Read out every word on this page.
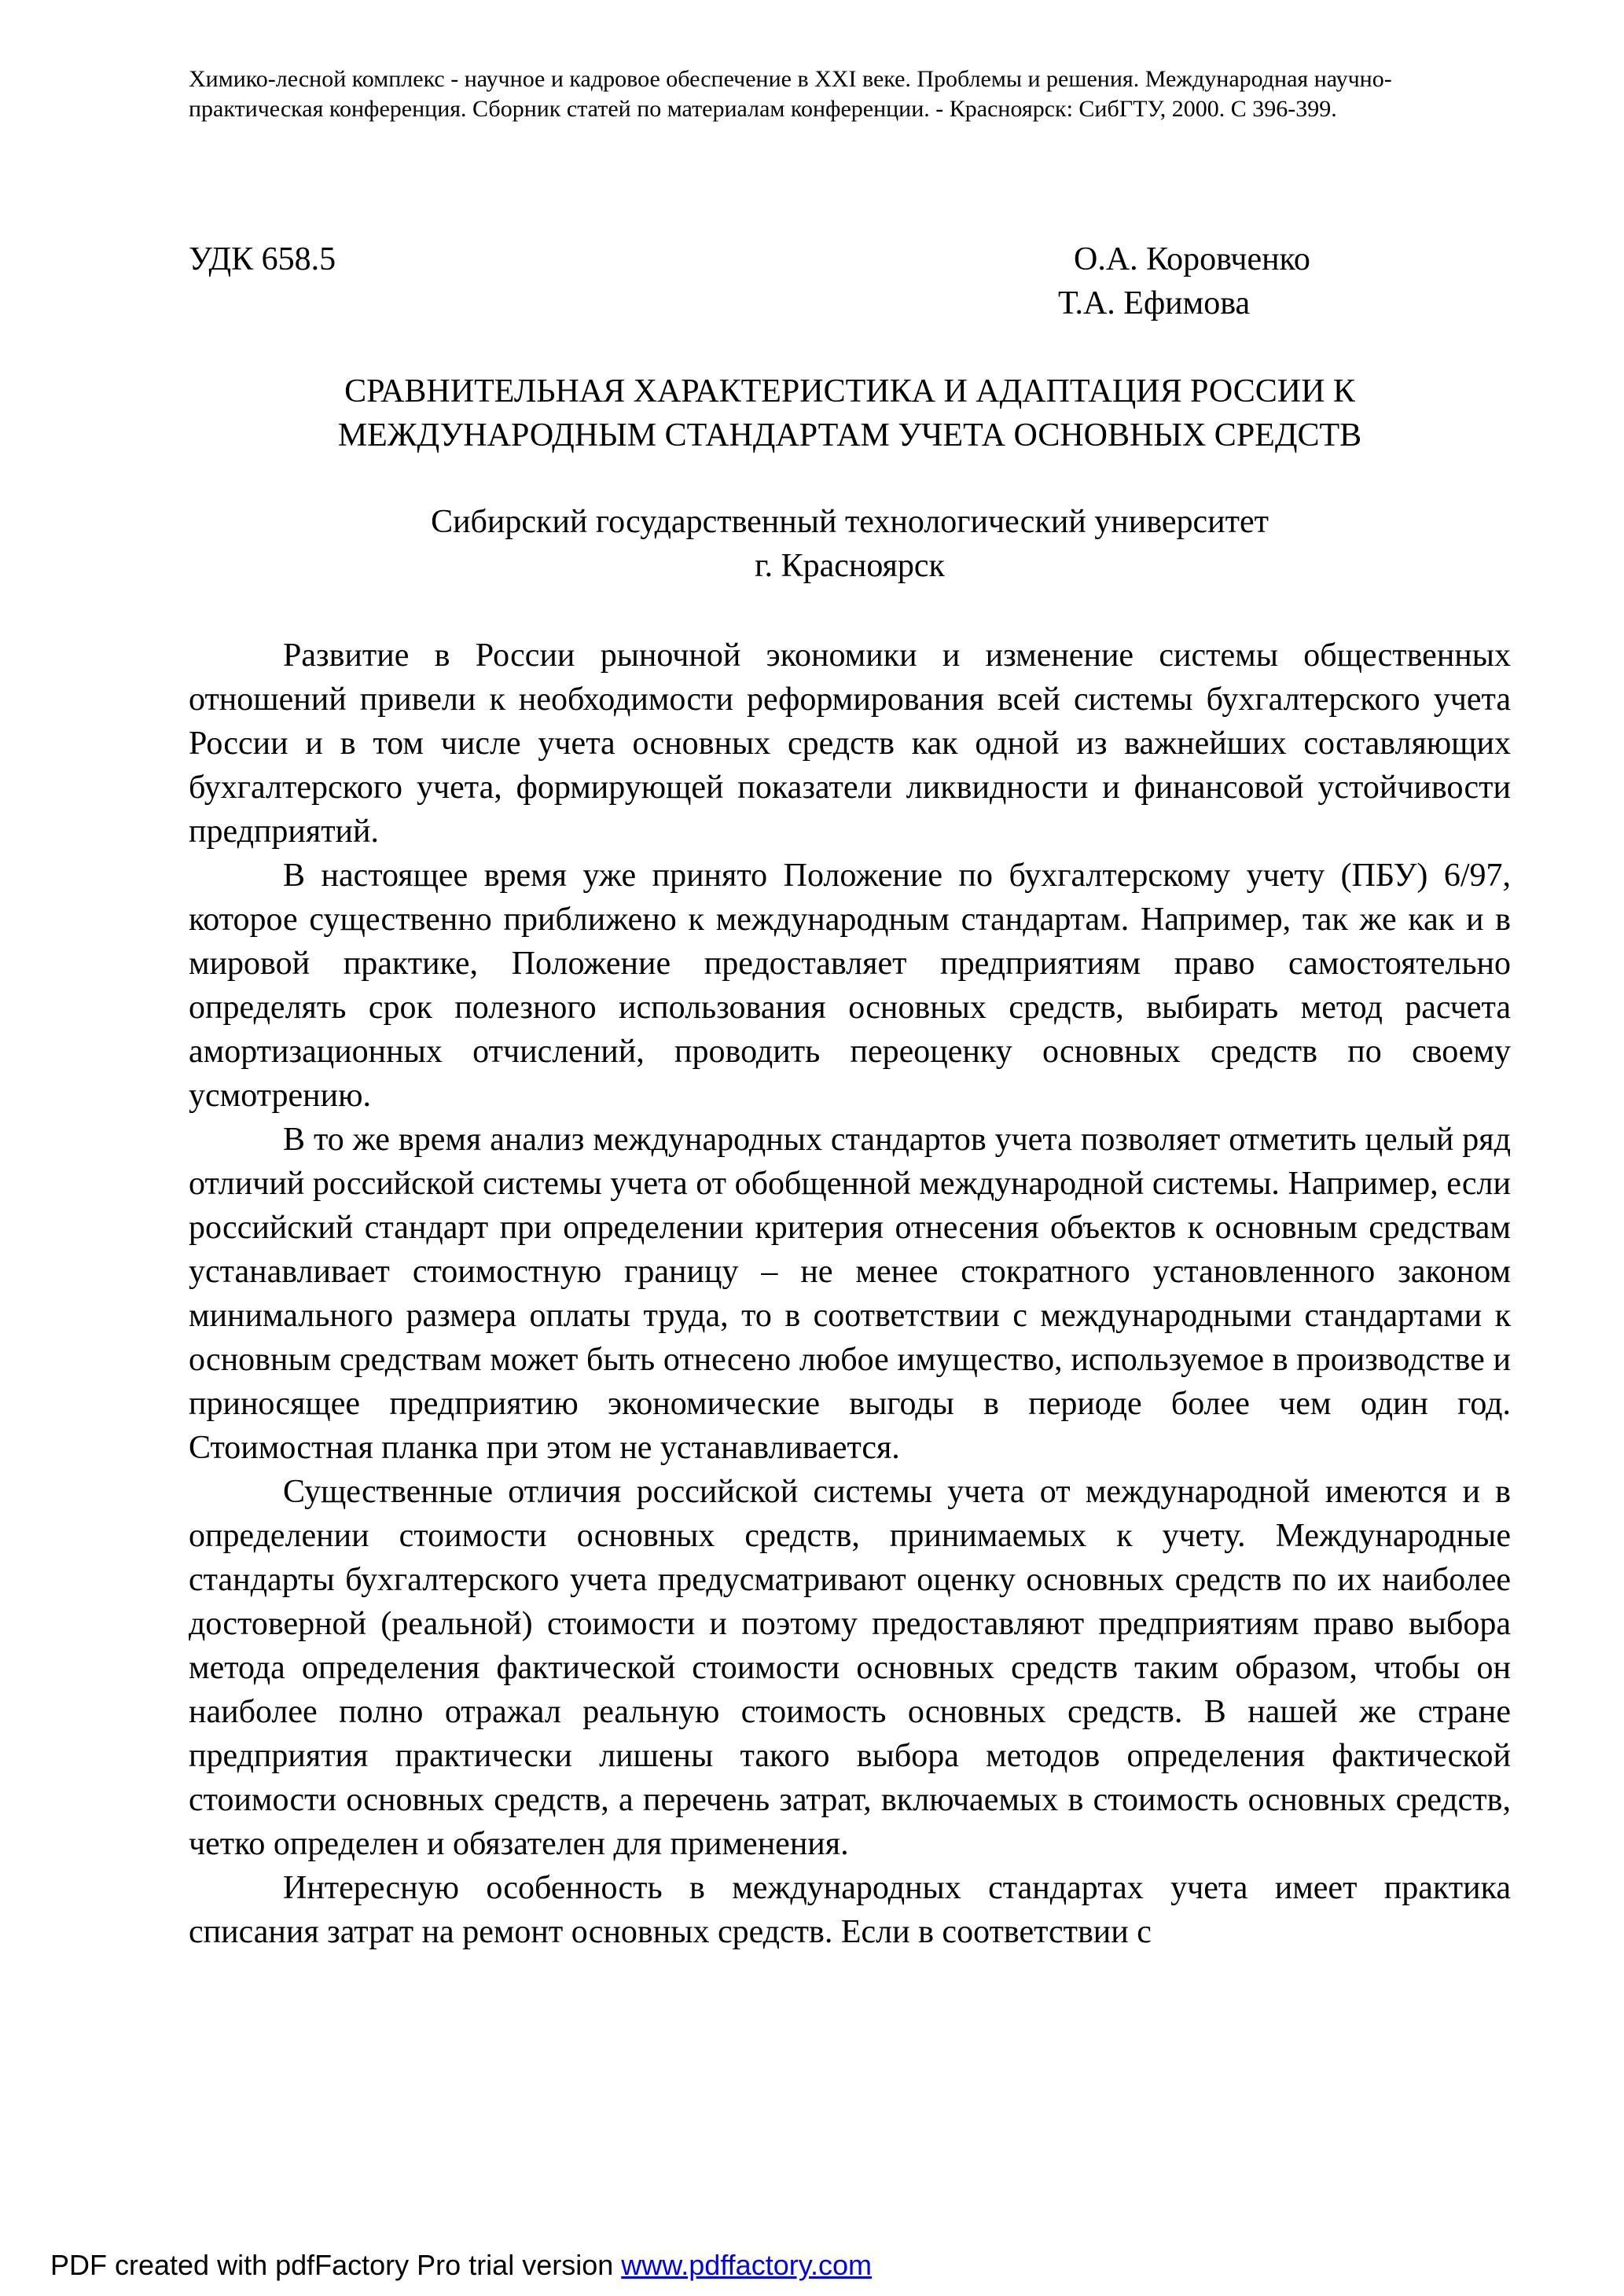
Химико-лесной комплекс - научное и кадровое обеспечение в XXI веке. Проблемы и решения. Международная научно-практическая конференция. Сборник статей по материалам конференции. - Красноярск: СибГТУ, 2000. С 396-399.
УДК 658.5	О.А. Коровченко
Т.А. Ефимова
СРАВНИТЕЛЬНАЯ ХАРАКТЕРИСТИКА И АДАПТАЦИЯ РОССИИ К
МЕЖДУНАРОДНЫМ СТАНДАРТАМ УЧЕТА ОСНОВНЫХ СРЕДСТВ
Сибирский государственный технологический университет
г. Красноярск

Развитие в России рыночной экономики и изменение системы общественных отношений привели к необходимости реформирования всей системы бухгалтерского учета России и в том числе учета основных средств как одной из важнейших составляющих бухгалтерского учета, формирующей показатели ликвидности и финансовой устойчивости предприятий.

В настоящее время уже принято Положение по бухгалтерскому учету (ПБУ) 6/97, которое существенно приближено к международным стандартам. Например, так же как и в мировой практике, Положение предоставляет предприятиям право самостоятельно определять срок полезного использования основных средств, выбирать метод расчета амортизационных отчислений, проводить переоценку основных средств по своему усмотрению.

В то же время анализ международных стандартов учета позволяет отметить целый ряд отличий российской системы учета от обобщенной международной системы. Например, если российский стандарт при определении критерия отнесения объектов к основным средствам устанавливает стоимостную границу – не менее стократного установленного законом минимального размера оплаты труда, то в соответствии с международными стандартами к основным средствам может быть отнесено любое имущество, используемое в производстве и приносящее предприятию экономические выгоды в периоде более чем один год. Стоимостная планка при этом не устанавливается.

Существенные отличия российской системы учета от международной имеются и в определении стоимости основных средств, принимаемых к учету. Международные стандарты бухгалтерского учета предусматривают оценку основных средств по их наиболее достоверной (реальной) стоимости и поэтому предоставляют предприятиям право выбора метода определения фактической стоимости основных средств таким образом, чтобы он наиболее полно отражал реальную стоимость основных средств. В нашей же стране предприятия практически лишены такого выбора методов определения фактической стоимости основных средств, а перечень затрат, включаемых в стоимость основных средств, четко определен и обязателен для применения.

Интересную особенность в международных стандартах учета имеет практика списания затрат на ремонт основных средств. Если в соответствии с

PDF created with pdfFactory Pro trial version www.pdffactory.com
